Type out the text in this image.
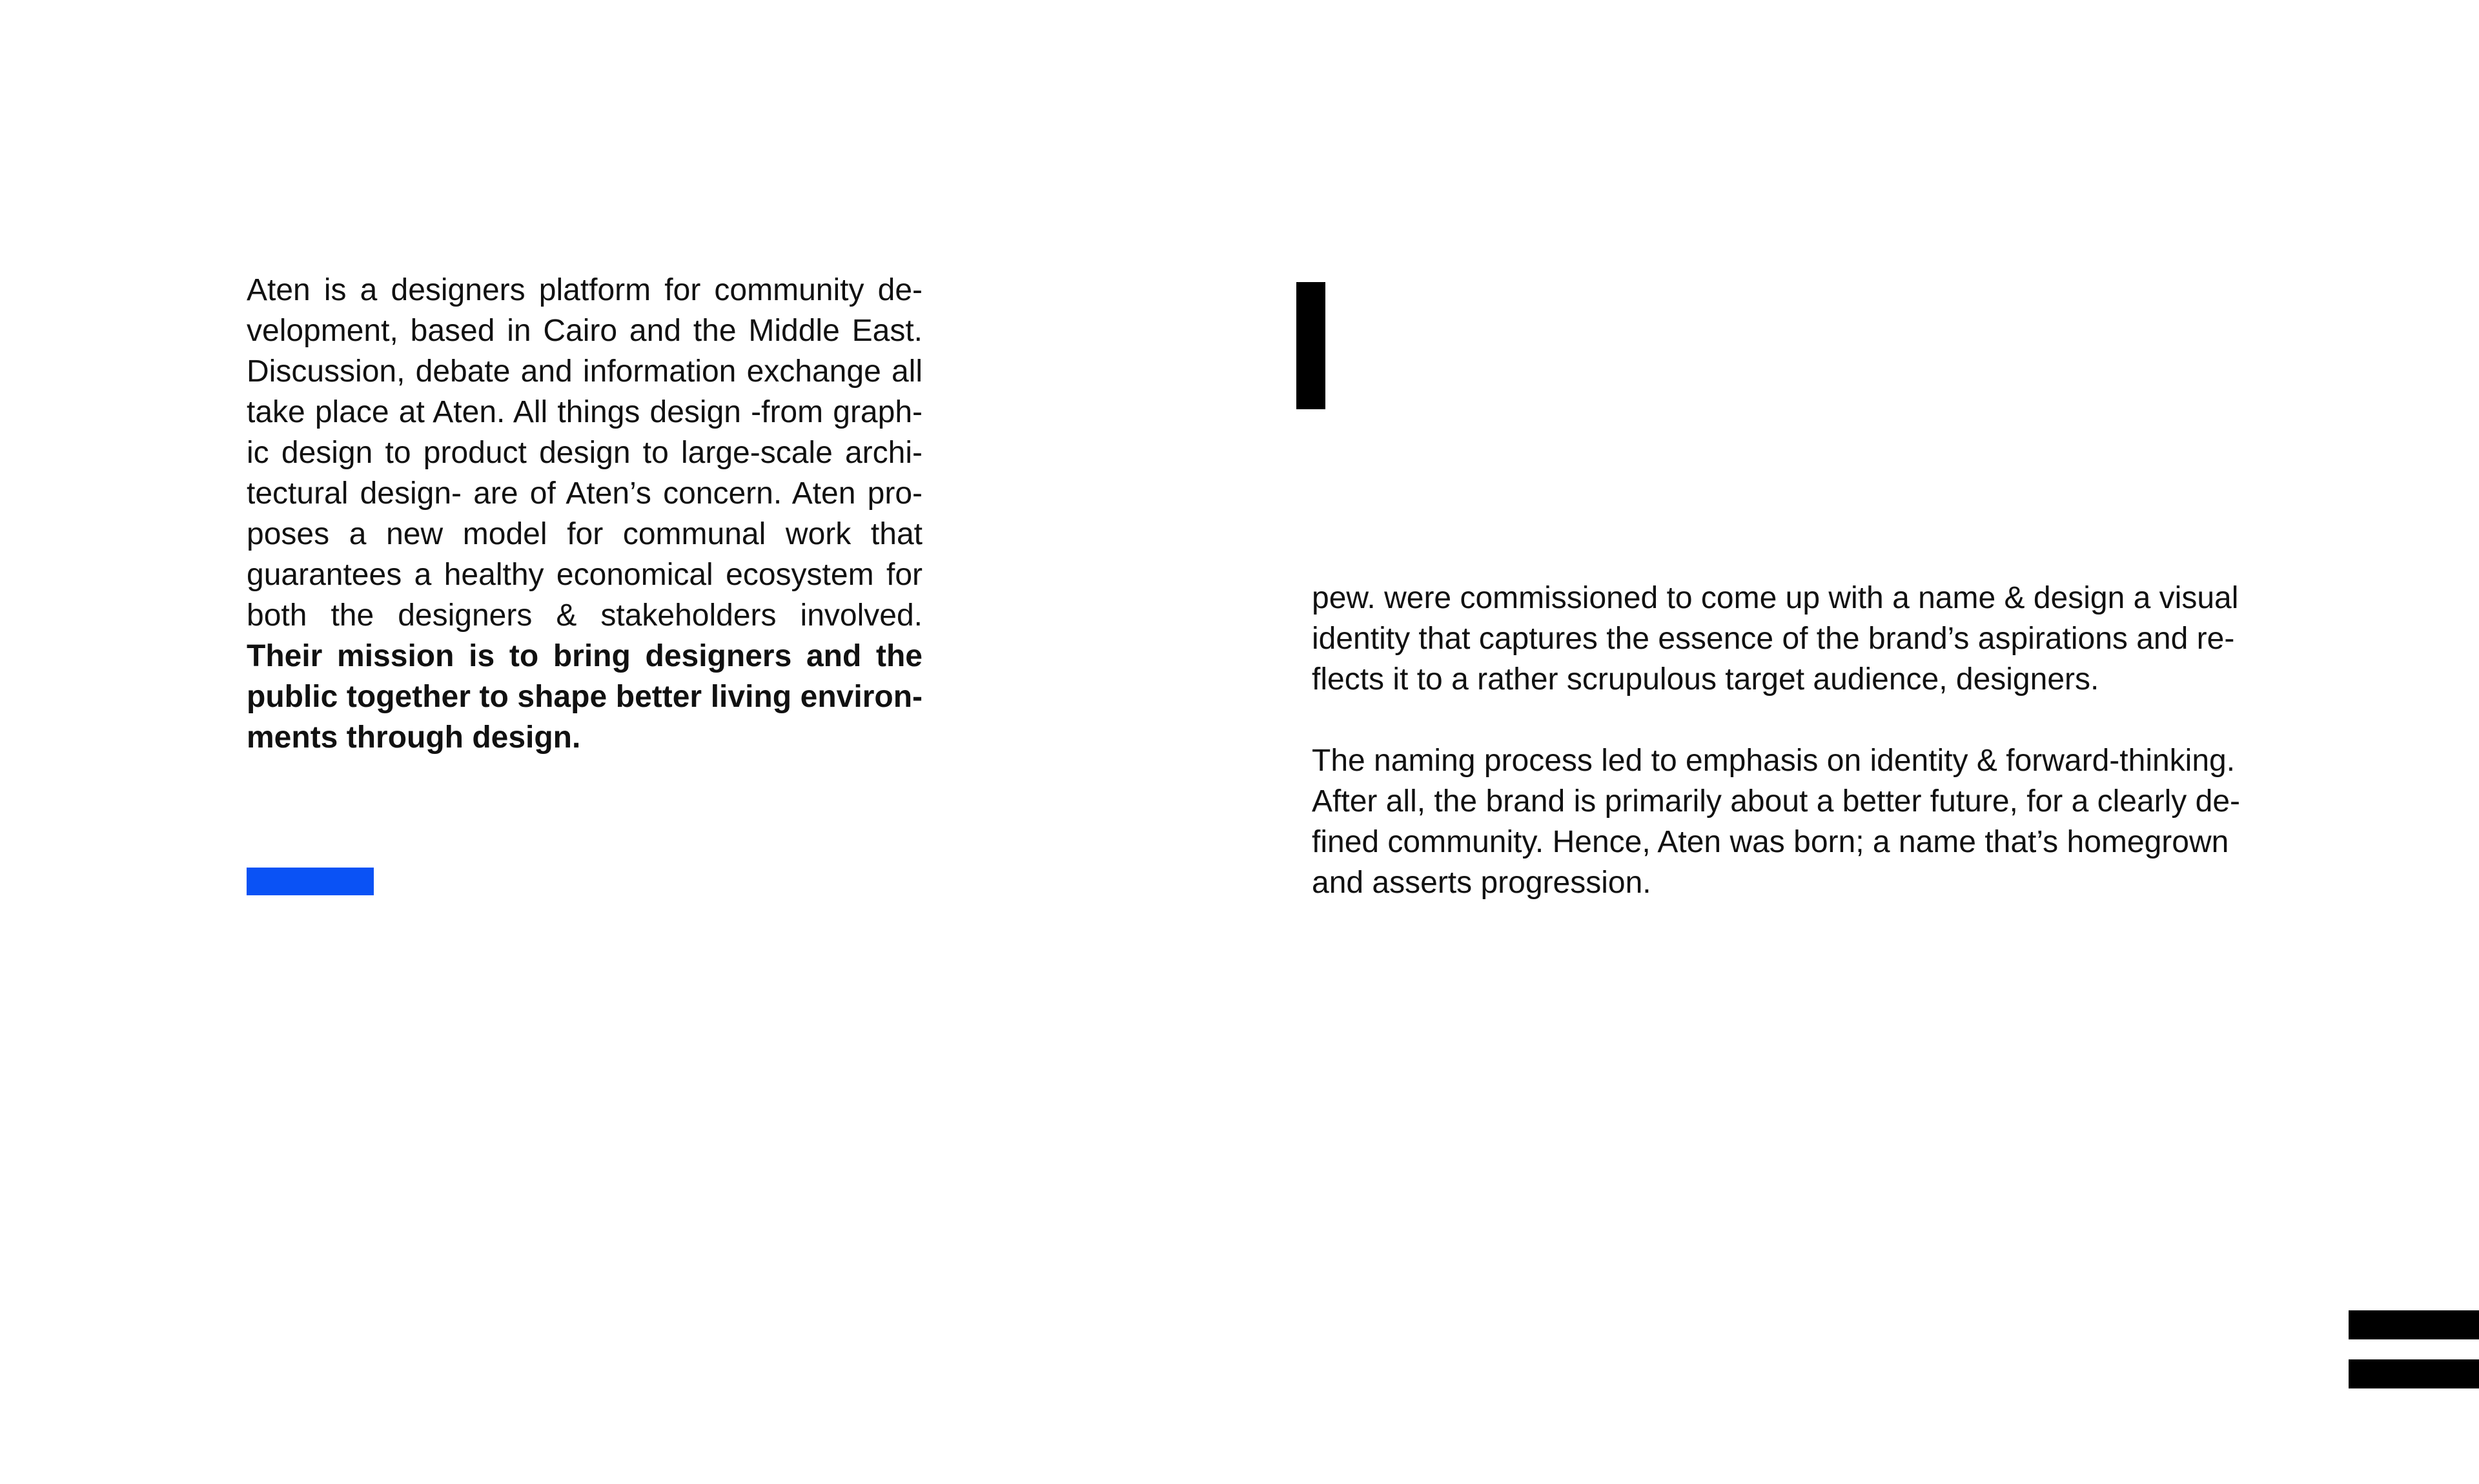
Aten is a designers platform for community development, based in Cairo and the Middle East. Discussion, debate and information exchange all take place at Aten. All things design -from graphic design to product design to large-scale architectural design- are of Aten’s concern. Aten proposes a new model for communal work that guarantees a healthy economical ecosystem for both the designers & stakeholders involved. Their mission is to bring designers and the public together to shape better living environments through design.

pew. were commissioned to come up with a name & design a visual
identity that captures the essence of the brand’s aspirations and re-
flects it to a rather scrupulous target audience, designers.

The naming process led to emphasis on identity & forward-thinking.
After all, the brand is primarily about a better future, for a clearly de-
fined community. Hence, Aten was born; a name that’s homegrown
and asserts progression.
